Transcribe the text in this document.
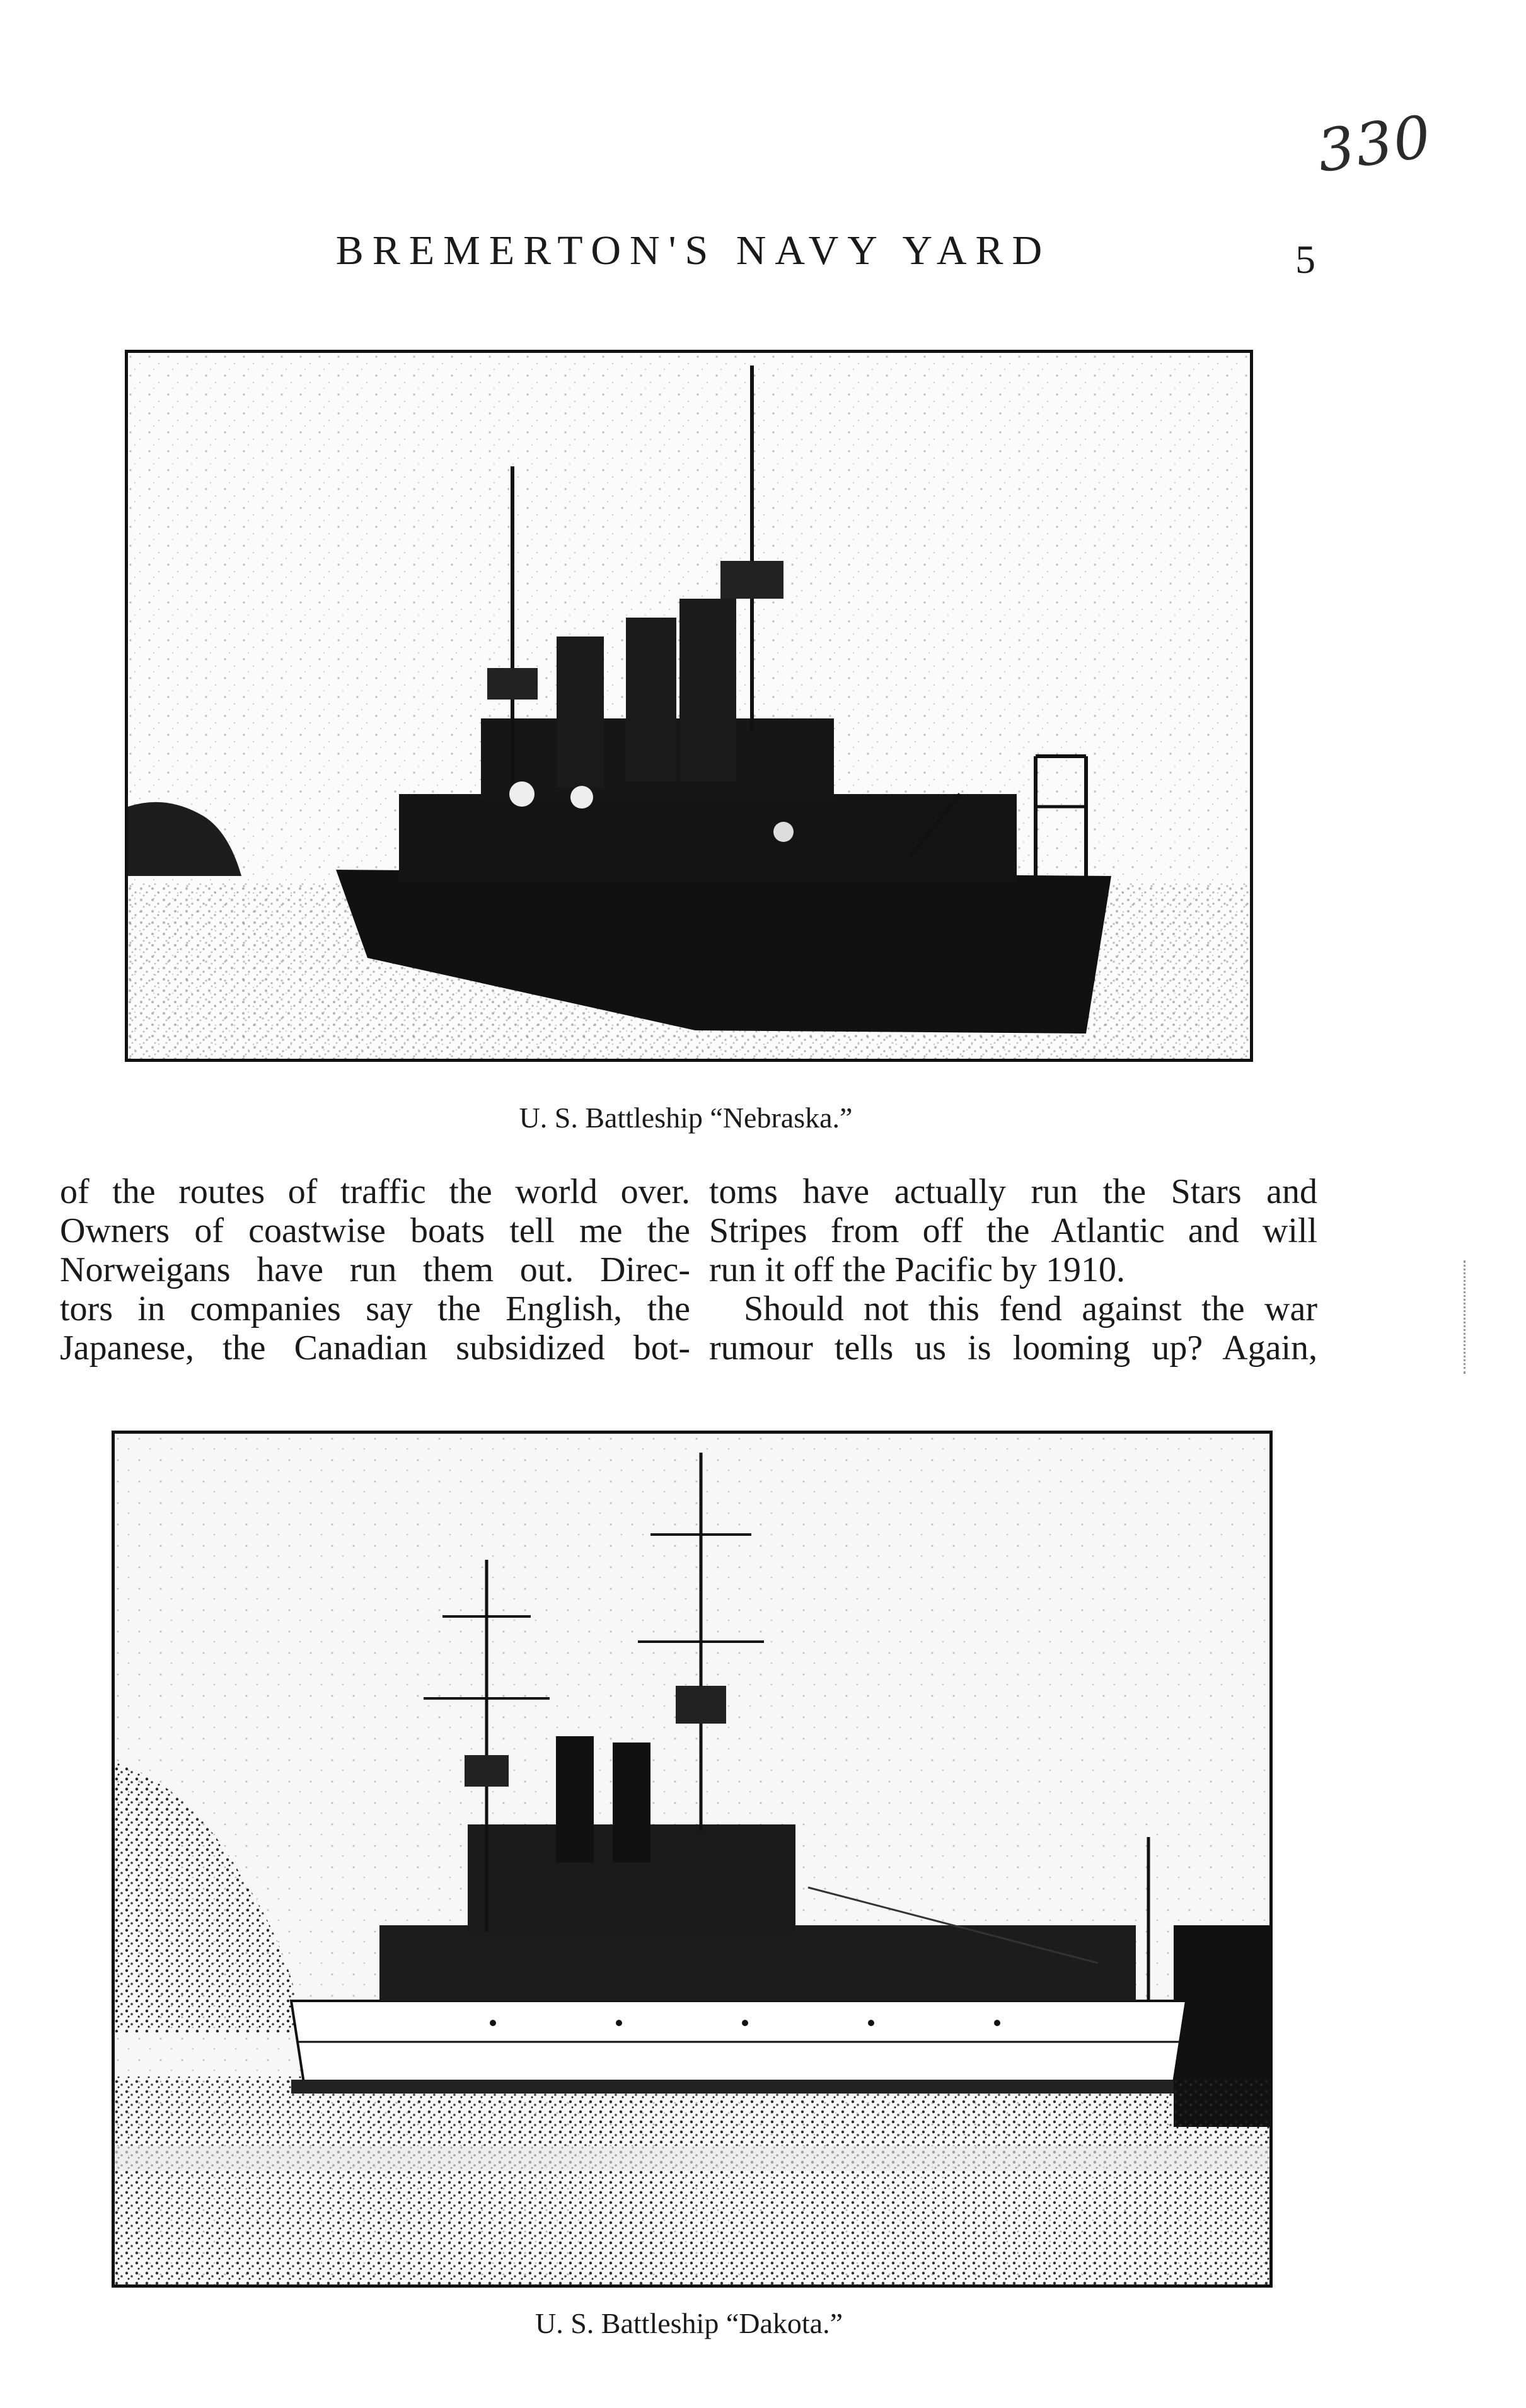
330
BREMERTON'S NAVY YARD	5
U. S. Battleship “Nebraska.”
of the routes of traffic the world over.
Owners of coastwise boats tell me the
Norweigans have run them out. Direc-
tors in companies say the English, the
Japanese, the Canadian subsidized bot-
toms have actually run the Stars and
Stripes from off the Atlantic and will
run it off the Pacific by 1910.
Should not this fend against the war
rumour tells us is looming up? Again,
U. S. Battleship “Dakota.”
